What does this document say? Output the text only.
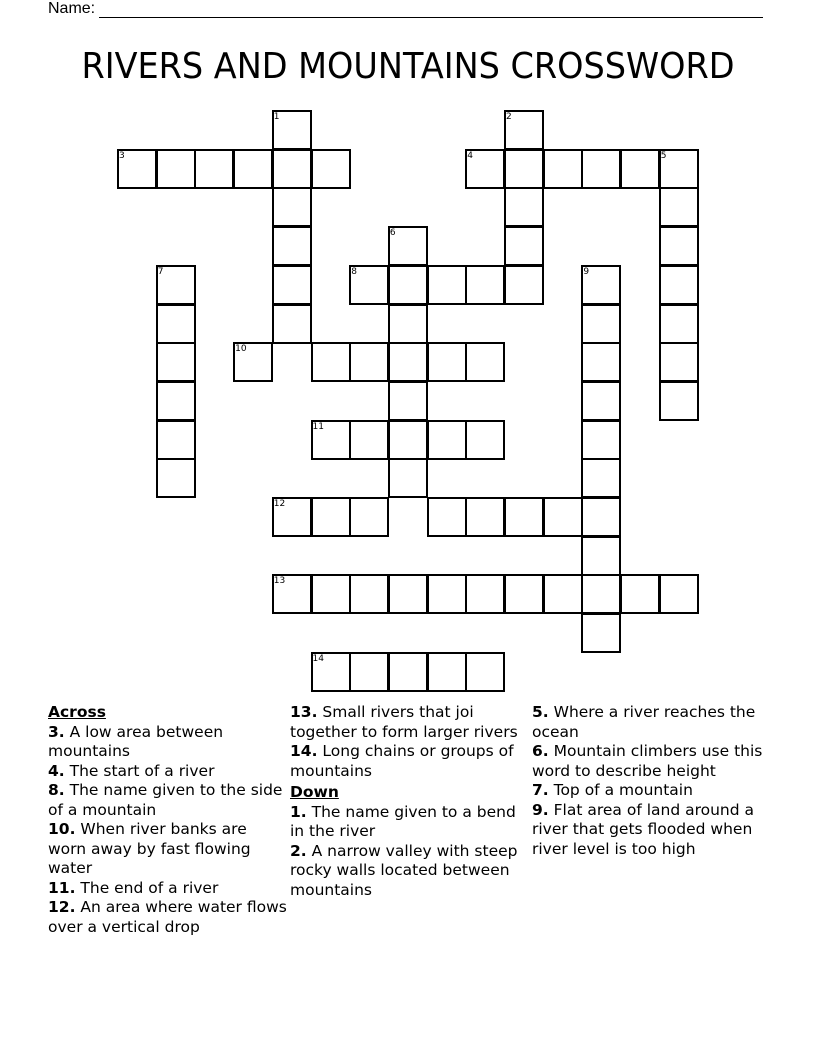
Name:
RIVERS AND MOUNTAINS CROSSWORD
1	2
3	4	5
6
7	8	9
10
11
12
13
14
Across
3. A low area between mountains
4. The start of a river
8. The name given to the side of a mountain
10. When river banks are worn away by fast flowing water
11. The end of a river
12. An area where water flows over a vertical drop
13. Small rivers that joi together to form larger rivers
14. Long chains or groups of mountains
Down
1. The name given to a bend in the river
2. A narrow valley with steep rocky walls located between mountains
5. Where a river reaches the ocean
6. Mountain climbers use this word to describe height
7. Top of a mountain
9. Flat area of land around a river that gets flooded when river level is too high
